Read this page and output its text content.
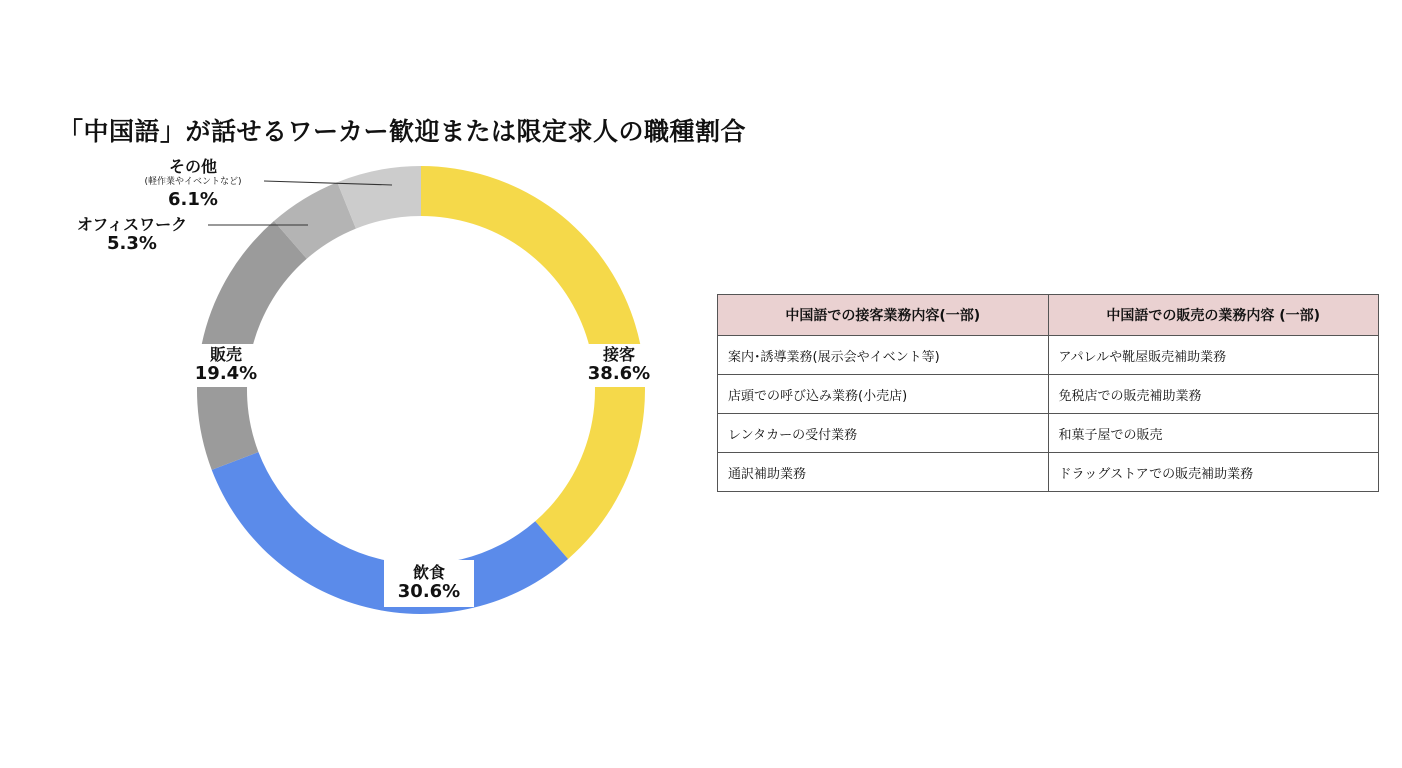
「中国語」が話せるワーカー歓迎または限定求人の職種割合
接客
38.6%
飲食
30.6%
販売
19.4%
オフィスワーク
5.3%
その他
(軽作業やイベントなど)
6.1%
中国語での接客業務内容(一部)	中国語での販売の業務内容 (一部)
案内･誘導業務(展示会やイベント等)	アパレルや靴屋販売補助業務
店頭での呼び込み業務(小売店)	免税店での販売補助業務
レンタカーの受付業務	和菓子屋での販売
通訳補助業務	ドラッグストアでの販売補助業務
